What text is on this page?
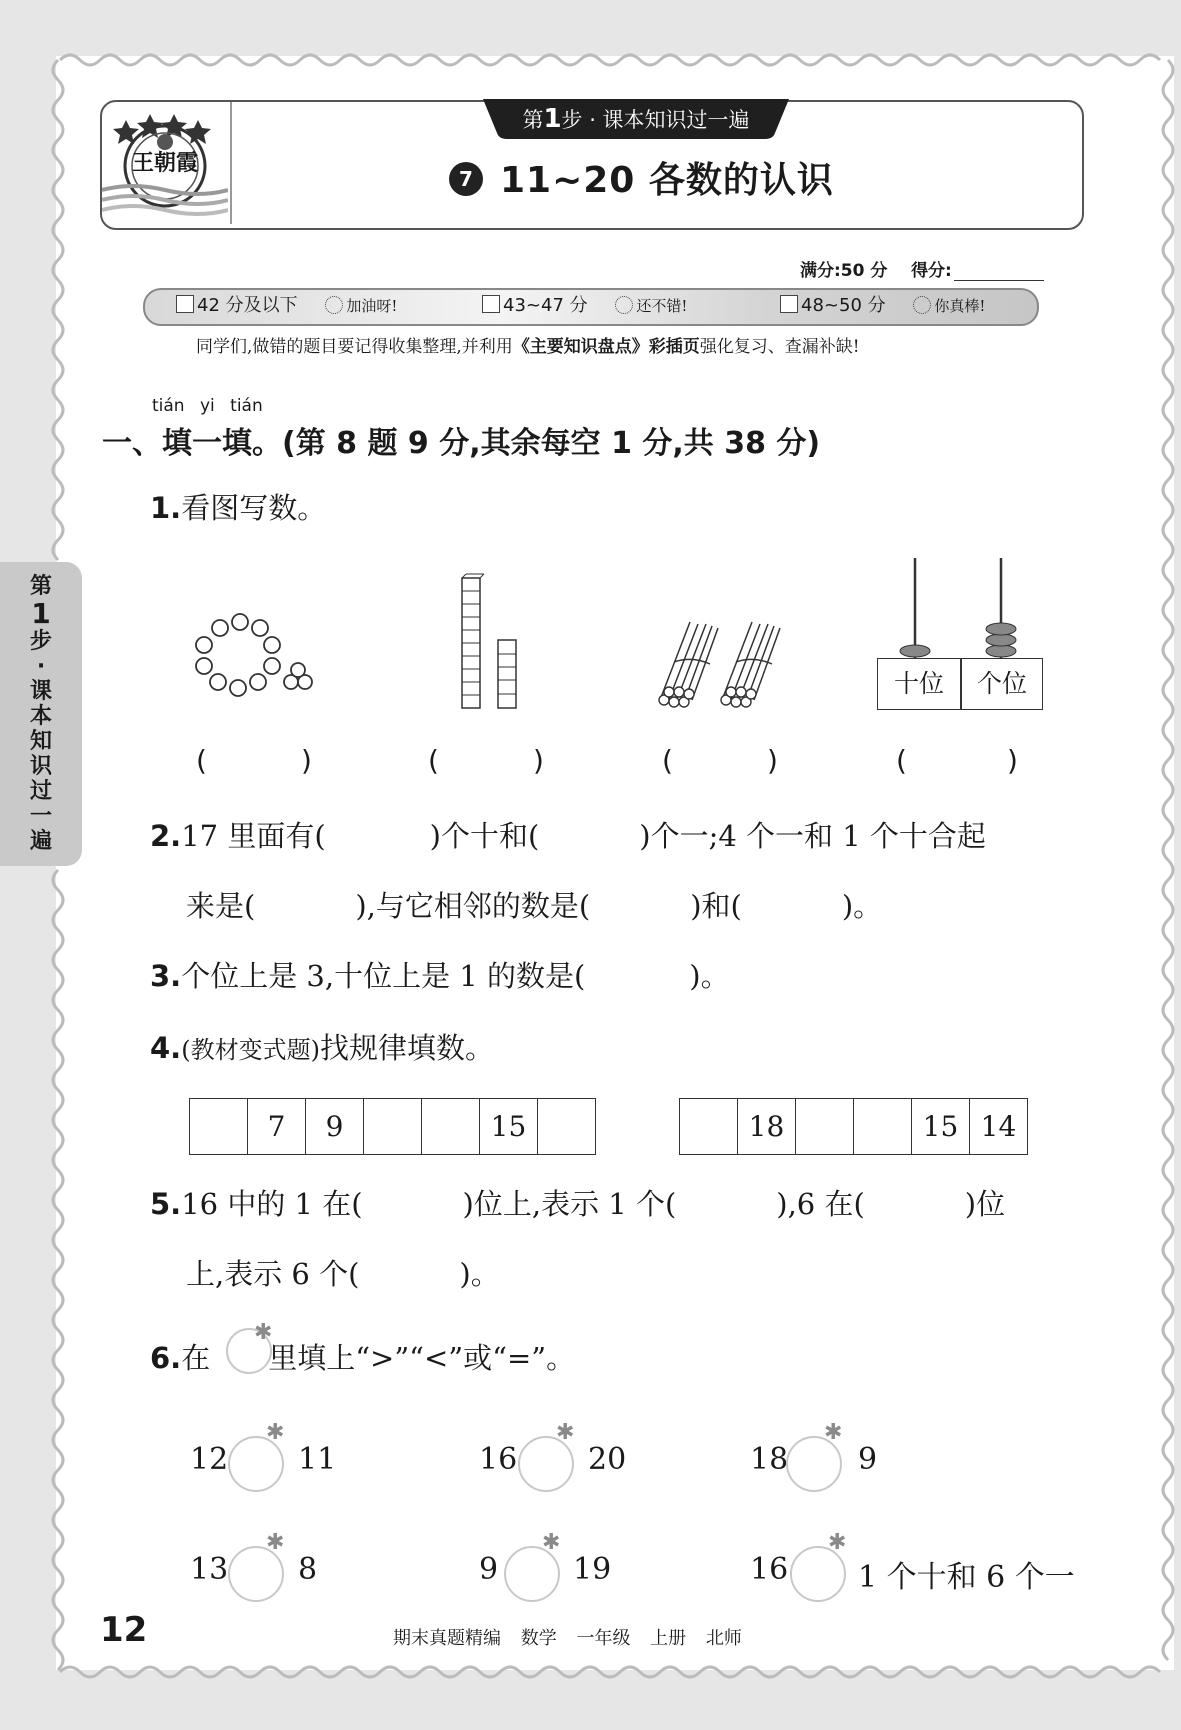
王朝霞
第1步 · 课本知识过一遍
7 11~20 各数的认识
满分:50 分 得分:
42 分及以下	加油呀!	43~47 分	还不错!	48~50 分	你真棒!
同学们,做错的题目要记得收集整理,并利用《主要知识盘点》彩插页强化复习、查漏补缺!
tián yi tián
一、填一填。(第 8 题 9 分,其余每空 1 分,共 38 分)
1.看图写数。
十位	个位
(	)	(	)	(	)	(	)
2.17 里面有(	)个十和(	)个一;4 个一和 1 个十合起
来是(	),与它相邻的数是(	)和(	)。
3.个位上是 3,十位上是 1 的数是(	)。
4.(教材变式题)找规律填数。
	7	9			15	
		18			15	14
5.16 中的 1 在(	)位上,表示 1 个(	),6 在(	)位
上,表示 6 个(	)。
6.在 里填上“>”“<”或“=”。
✱
12
✱
11	16
✱
20	18
✱
9
13
✱
8	9
✱
19	16
✱
1 个十和 6 个一
第
1
步·课本知识过一遍
12	期末真题精编 数学 一年级 上册 北师
